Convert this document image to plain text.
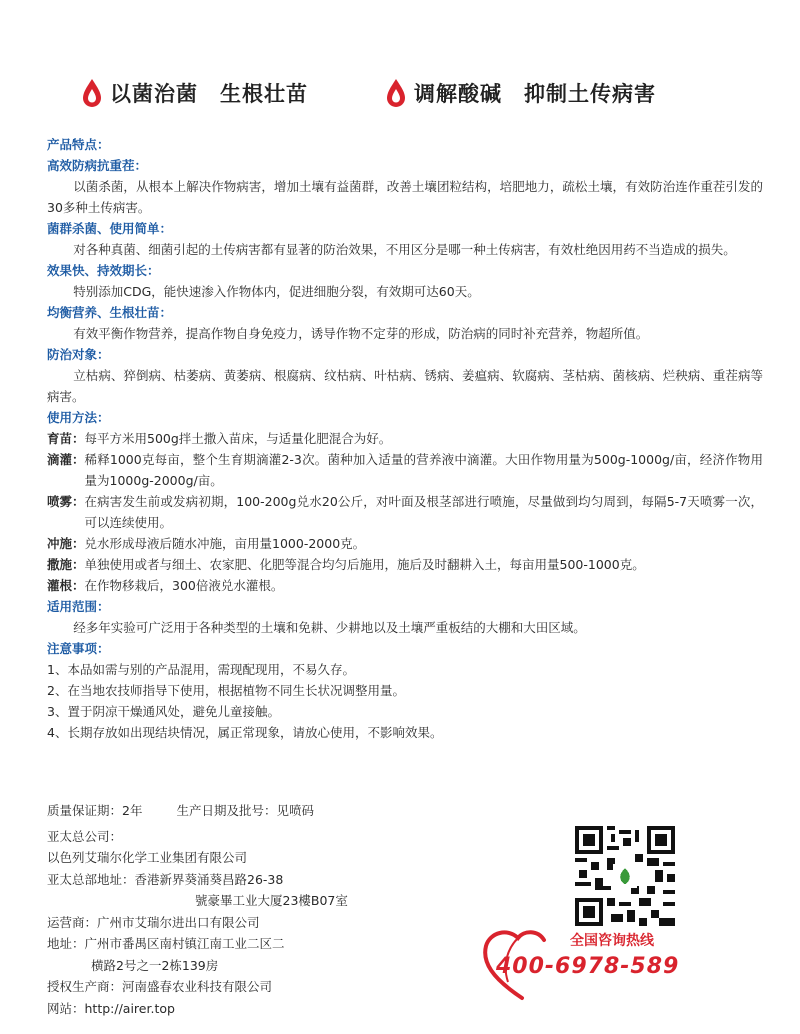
以菌治菌　生根壮苗	调解酸碱　抑制土传病害
产品特点：
高效防病抗重茬：
以菌杀菌，从根本上解决作物病害，增加土壤有益菌群，改善土壤团粒结构，培肥地力，疏松土壤，有效防治连作重茬引发的30多种土传病害。
菌群杀菌、使用简单：
对各种真菌、细菌引起的土传病害都有显著的防治效果，不用区分是哪一种土传病害，有效杜绝因用药不当造成的损失。
效果快、持效期长：
特别添加CDG，能快速渗入作物体内，促进细胞分裂，有效期可达60天。
均衡营养、生根壮苗：
有效平衡作物营养，提高作物自身免疫力，诱导作物不定芽的形成，防治病的同时补充营养，物超所值。
防治对象：
立枯病、猝倒病、枯萎病、黄萎病、根腐病、纹枯病、叶枯病、锈病、姜瘟病、软腐病、茎枯病、菌核病、烂秧病、重茬病等病害。
使用方法：
育苗： 每平方米用500g拌土撒入苗床，与适量化肥混合为好。
滴灌： 稀释1000克每亩，整个生育期滴灌2-3次。菌种加入适量的营养液中滴灌。大田作物用量为500g-1000g/亩，经济作物用量为1000g-2000g/亩。
喷雾： 在病害发生前或发病初期，100-200g兑水20公斤，对叶面及根茎部进行喷施，尽量做到均匀周到，每隔5-7天喷雾一次，可以连续使用。
冲施： 兑水形成母液后随水冲施，亩用量1000-2000克。
撒施： 单独使用或者与细土、农家肥、化肥等混合均匀后施用，施后及时翻耕入土，每亩用量500-1000克。
灌根： 在作物移栽后，300倍液兑水灌根。
适用范围：
经多年实验可广泛用于各种类型的土壤和免耕、少耕地以及土壤严重板结的大棚和大田区域。
注意事项：
1、本品如需与别的产品混用，需现配现用，不易久存。
2、在当地农技师指导下使用，根据植物不同生长状况调整用量。
3、置于阴凉干燥通风处，避免儿童接触。
4、长期存放如出现结块情况，属正常现象，请放心使用，不影响效果。
质量保证期：2年	生产日期及批号：见喷码
亚太总公司：
以色列艾瑞尔化学工业集团有限公司
亚太总部地址：香港新界葵涌葵昌路26-38
號豪畢工业大厦23樓B07室
运营商：广州市艾瑞尔进出口有限公司
地址：广州市番禺区南村镇江南工业二区二
横路2号之一2栋139房
授权生产商：河南盛春农业科技有限公司
网站：http://airer.top
全国咨询热线
400-6978-589
